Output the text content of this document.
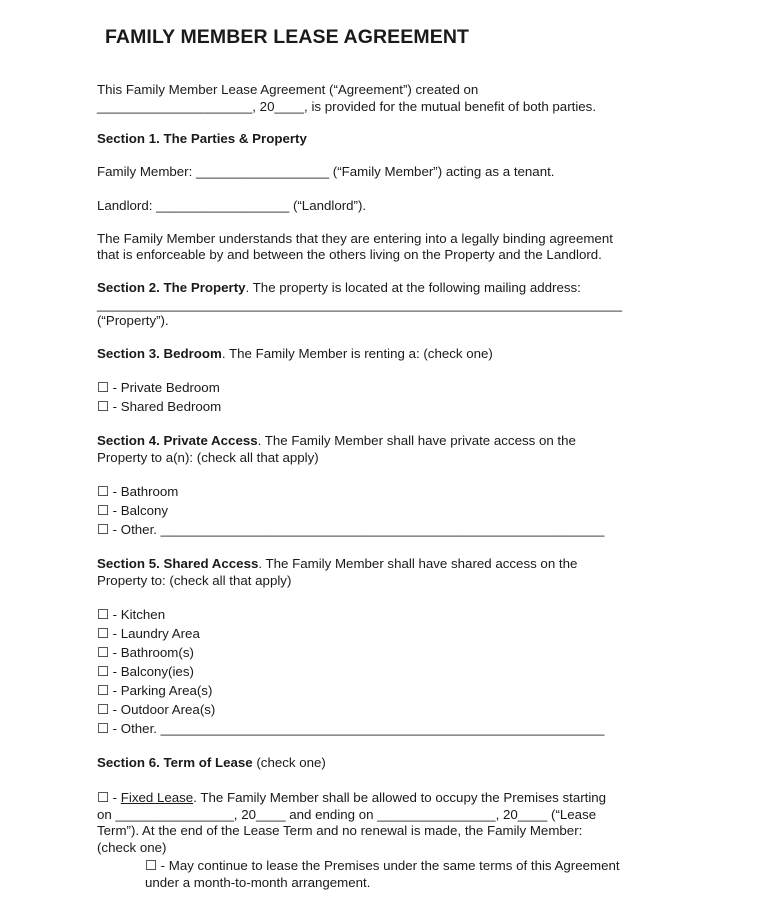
FAMILY MEMBER LEASE AGREEMENT
This Family Member Lease Agreement (“Agreement”) created on
_____________________, 20____, is provided for the mutual benefit of both parties.
Section 1. The Parties & Property
Family Member: __________________ (“Family Member”) acting as a tenant.
Landlord: __________________ (“Landlord”).
The Family Member understands that they are entering into a legally binding agreement
that is enforceable by and between the others living on the Property and the Landlord.
Section 2. The Property. The property is located at the following mailing address:
_______________________________________________________________________
(“Property”).
Section 3. Bedroom. The Family Member is renting a: (check one)
☐ - Private Bedroom
☐ - Shared Bedroom
Section 4. Private Access. The Family Member shall have private access on the
Property to a(n): (check all that apply)
☐ - Bathroom
☐ - Balcony
☐ - Other. ____________________________________________________________
Section 5. Shared Access. The Family Member shall have shared access on the
Property to: (check all that apply)
☐ - Kitchen
☐ - Laundry Area
☐ - Bathroom(s)
☐ - Balcony(ies)
☐ - Parking Area(s)
☐ - Outdoor Area(s)
☐ - Other. ____________________________________________________________
Section 6. Term of Lease (check one)
☐ - Fixed Lease. The Family Member shall be allowed to occupy the Premises starting
on ________________, 20____ and ending on ________________, 20____ (“Lease
Term”). At the end of the Lease Term and no renewal is made, the Family Member:
(check one)
☐ - May continue to lease the Premises under the same terms of this Agreement
under a month-to-month arrangement.
